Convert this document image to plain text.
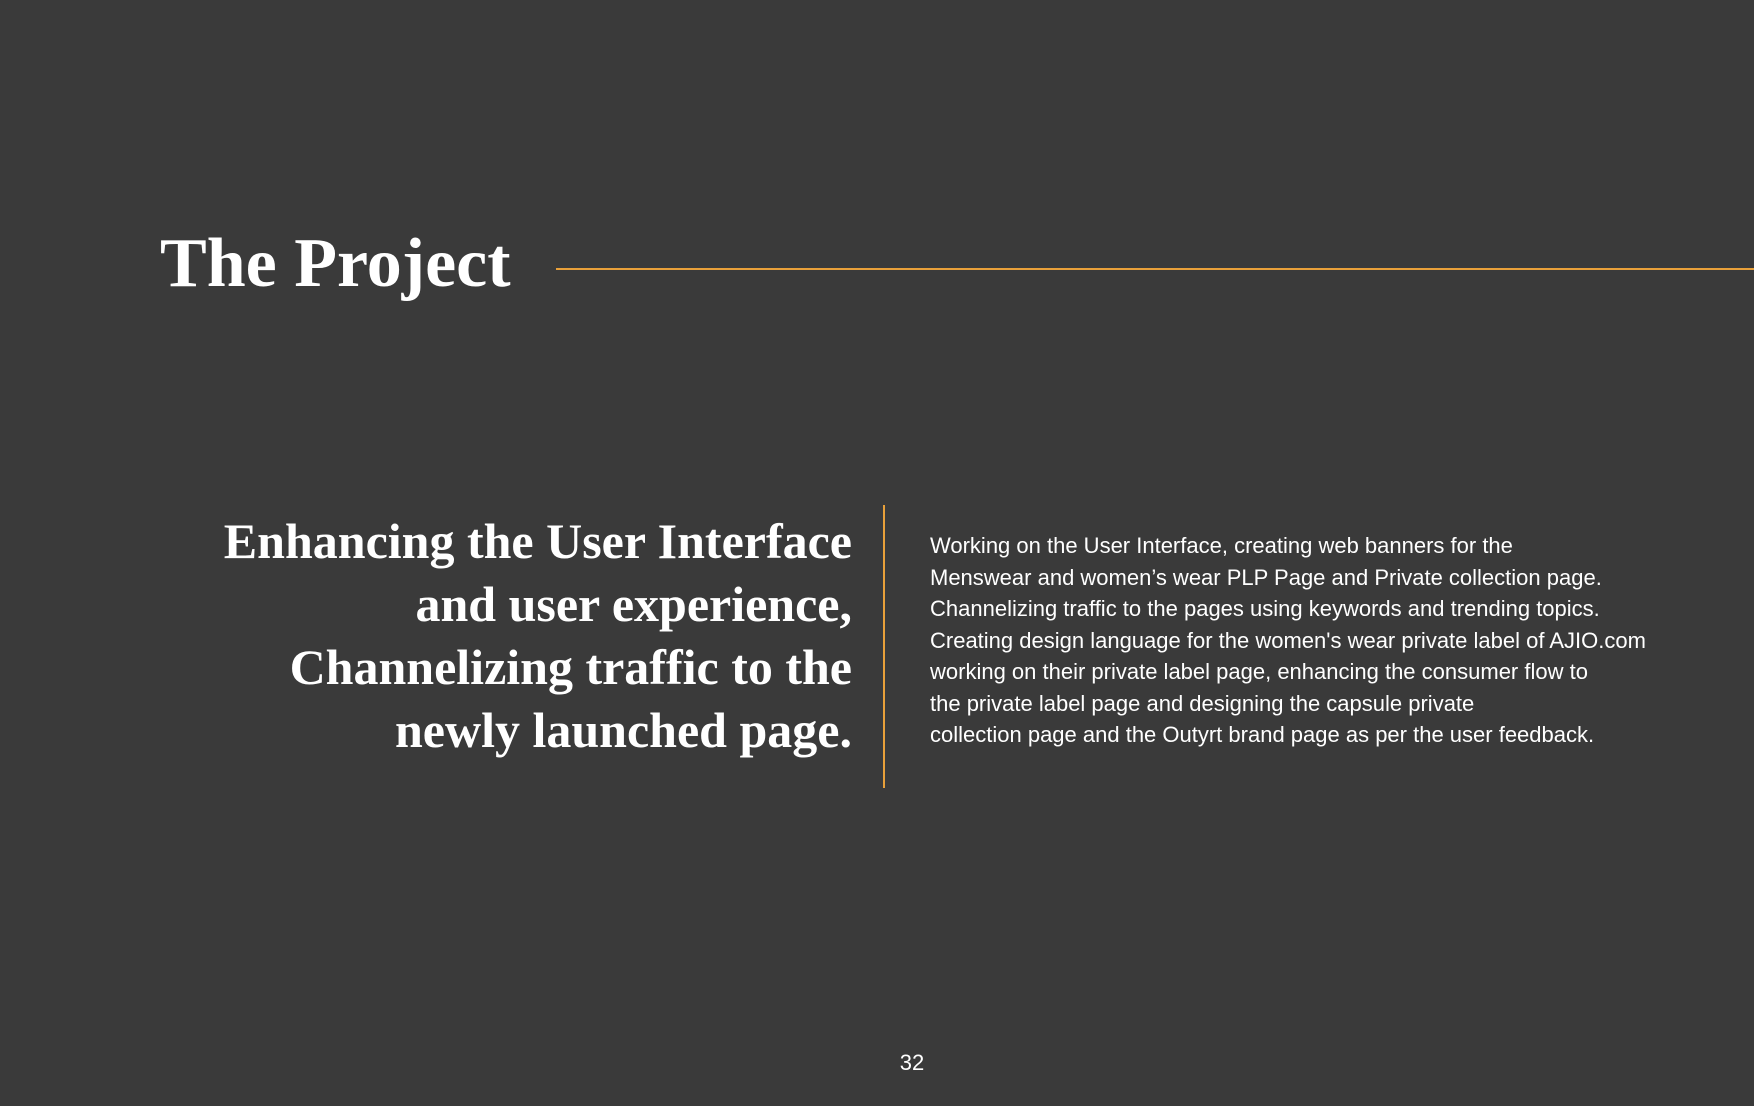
The Project
Enhancing the User Interface
and user experience,
Channelizing traffic to the
newly launched page.

Working on the User Interface, creating web banners for the
Menswear and women’s wear PLP Page and Private collection page.
Channelizing traffic to the pages using keywords and trending topics.
Creating design language for the women's wear private label of AJIO.com
working on their private label page, enhancing the consumer flow to
the private label page and designing the capsule private
collection page and the Outyrt brand page as per the user feedback.

32
